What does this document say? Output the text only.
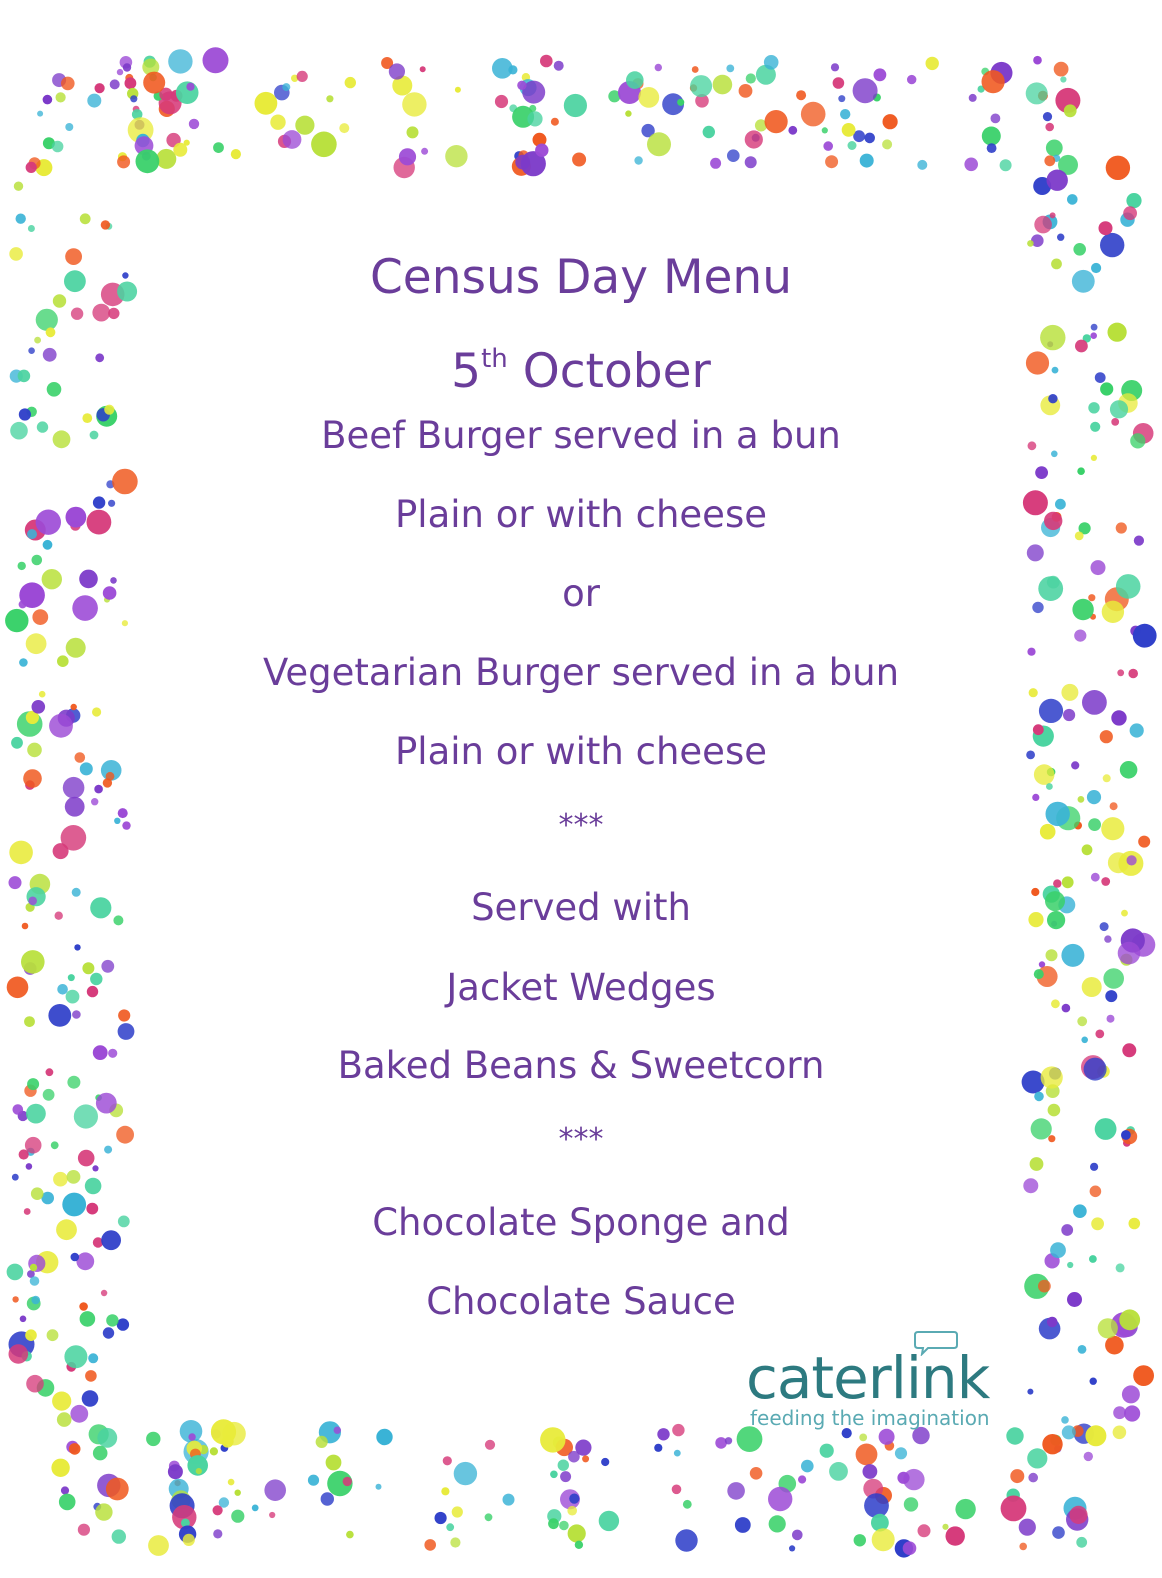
Census Day Menu
5th October
Beef Burger served in a bun
Plain or with cheese
or
Vegetarian Burger served in a bun
Plain or with cheese
***
Served with
Jacket Wedges
Baked Beans & Sweetcorn
***
Chocolate Sponge and
Chocolate Sauce
caterlink
feeding the imagination
